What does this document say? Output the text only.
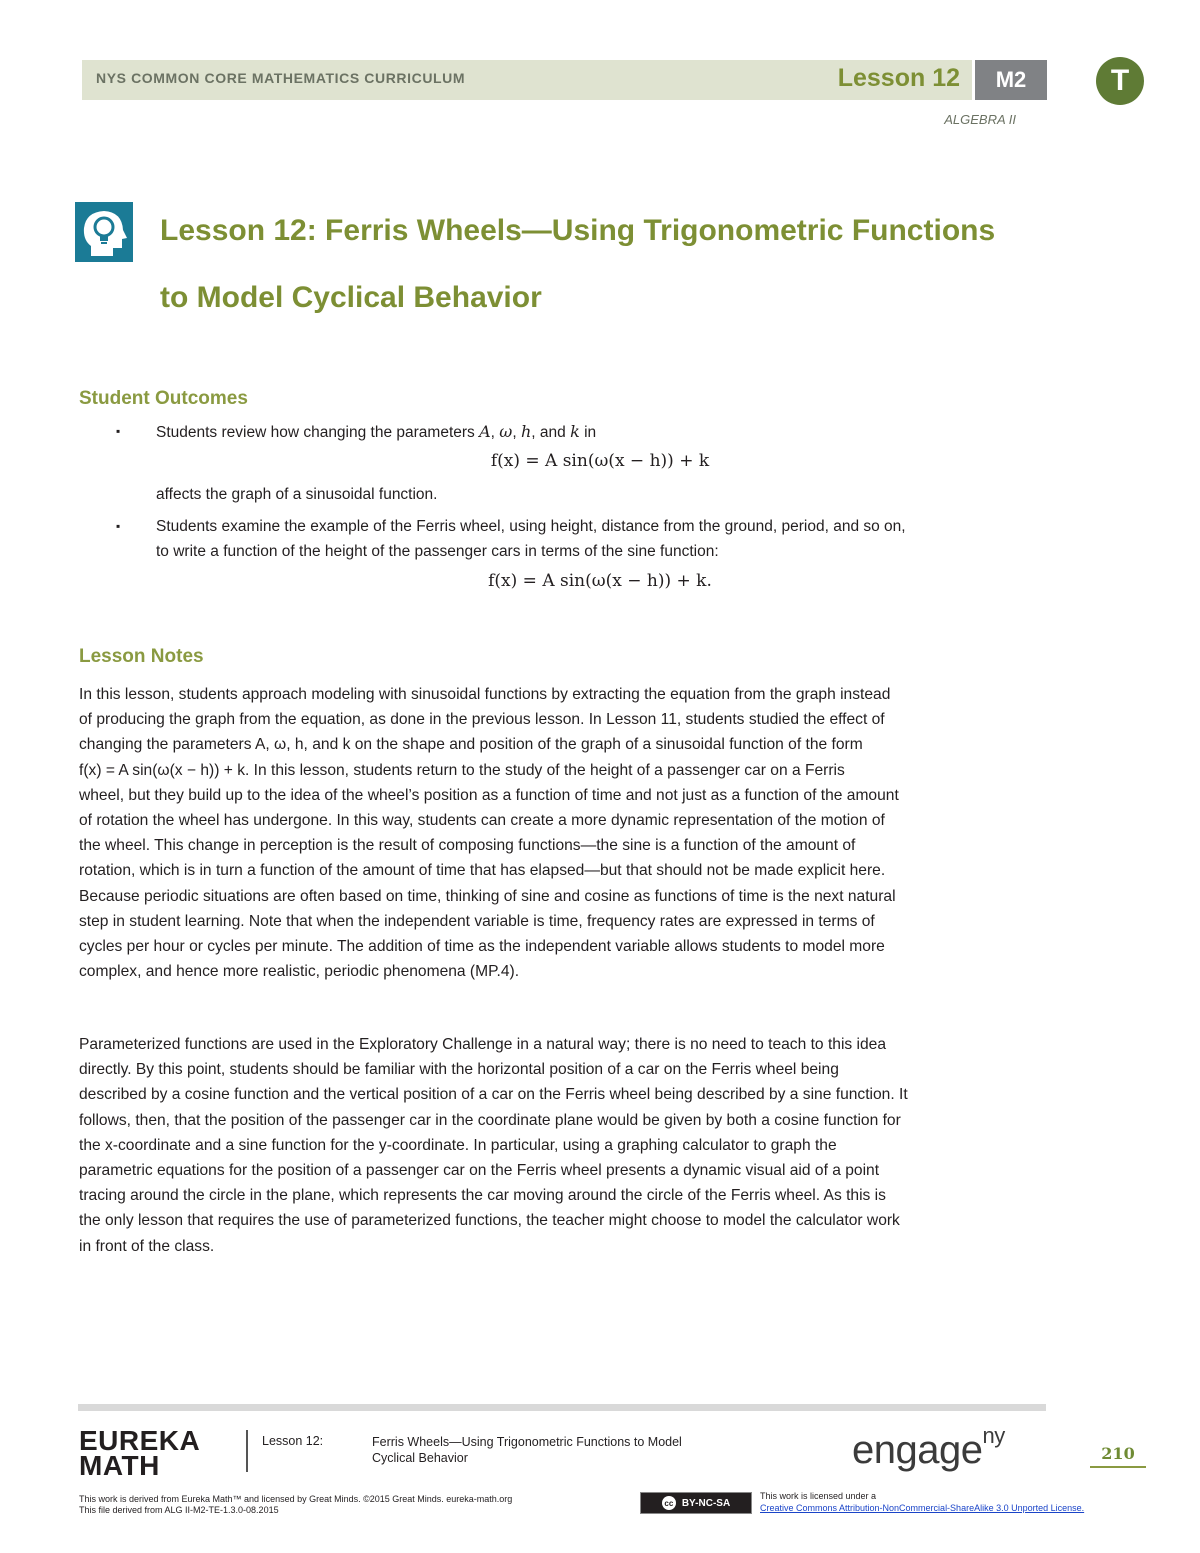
NYS COMMON CORE MATHEMATICS CURRICULUM	Lesson 12	M2	T
ALGEBRA II
Lesson 12: Ferris Wheels—Using Trigonometric Functions
to Model Cyclical Behavior
Student Outcomes
▪ Students review how changing the parameters A, ω, h, and k in
f(x) = A sin(ω(x − h)) + k
affects the graph of a sinusoidal function.
▪ Students examine the example of the Ferris wheel, using height, distance from the ground, period, and so on,
to write a function of the height of the passenger cars in terms of the sine function:
f(x) = A sin(ω(x − h)) + k.
Lesson Notes
In this lesson, students approach modeling with sinusoidal functions by extracting the equation from the graph instead
of producing the graph from the equation, as done in the previous lesson. In Lesson 11, students studied the effect of
changing the parameters A, ω, h, and k on the shape and position of the graph of a sinusoidal function of the form
f(x) = A sin(ω(x − h)) + k. In this lesson, students return to the study of the height of a passenger car on a Ferris
wheel, but they build up to the idea of the wheel’s position as a function of time and not just as a function of the amount
of rotation the wheel has undergone. In this way, students can create a more dynamic representation of the motion of
the wheel. This change in perception is the result of composing functions—the sine is a function of the amount of
rotation, which is in turn a function of the amount of time that has elapsed—but that should not be made explicit here.
Because periodic situations are often based on time, thinking of sine and cosine as functions of time is the next natural
step in student learning. Note that when the independent variable is time, frequency rates are expressed in terms of
cycles per hour or cycles per minute. The addition of time as the independent variable allows students to model more
complex, and hence more realistic, periodic phenomena (MP.4).
Parameterized functions are used in the Exploratory Challenge in a natural way; there is no need to teach to this idea
directly. By this point, students should be familiar with the horizontal position of a car on the Ferris wheel being
described by a cosine function and the vertical position of a car on the Ferris wheel being described by a sine function. It
follows, then, that the position of the passenger car in the coordinate plane would be given by both a cosine function for
the x-coordinate and a sine function for the y-coordinate. In particular, using a graphing calculator to graph the
parametric equations for the position of a passenger car on the Ferris wheel presents a dynamic visual aid of a point
tracing around the circle in the plane, which represents the car moving around the circle of the Ferris wheel. As this is
the only lesson that requires the use of parameterized functions, the teacher might choose to model the calculator work
in front of the class.
EUREKA
MATH
Lesson 12:	Ferris Wheels—Using Trigonometric Functions to Model
Cyclical Behavior	engage$^{ny}$
210
This work is derived from Eureka Math™ and licensed by Great Minds. ©2015 Great Minds. eureka-math.org
This file derived from ALG II-M2-TE-1.3.0-08.2015
cc BY-NC-SA
This work is licensed under a
Creative Commons Attribution-NonCommercial-ShareAlike 3.0 Unported License.
